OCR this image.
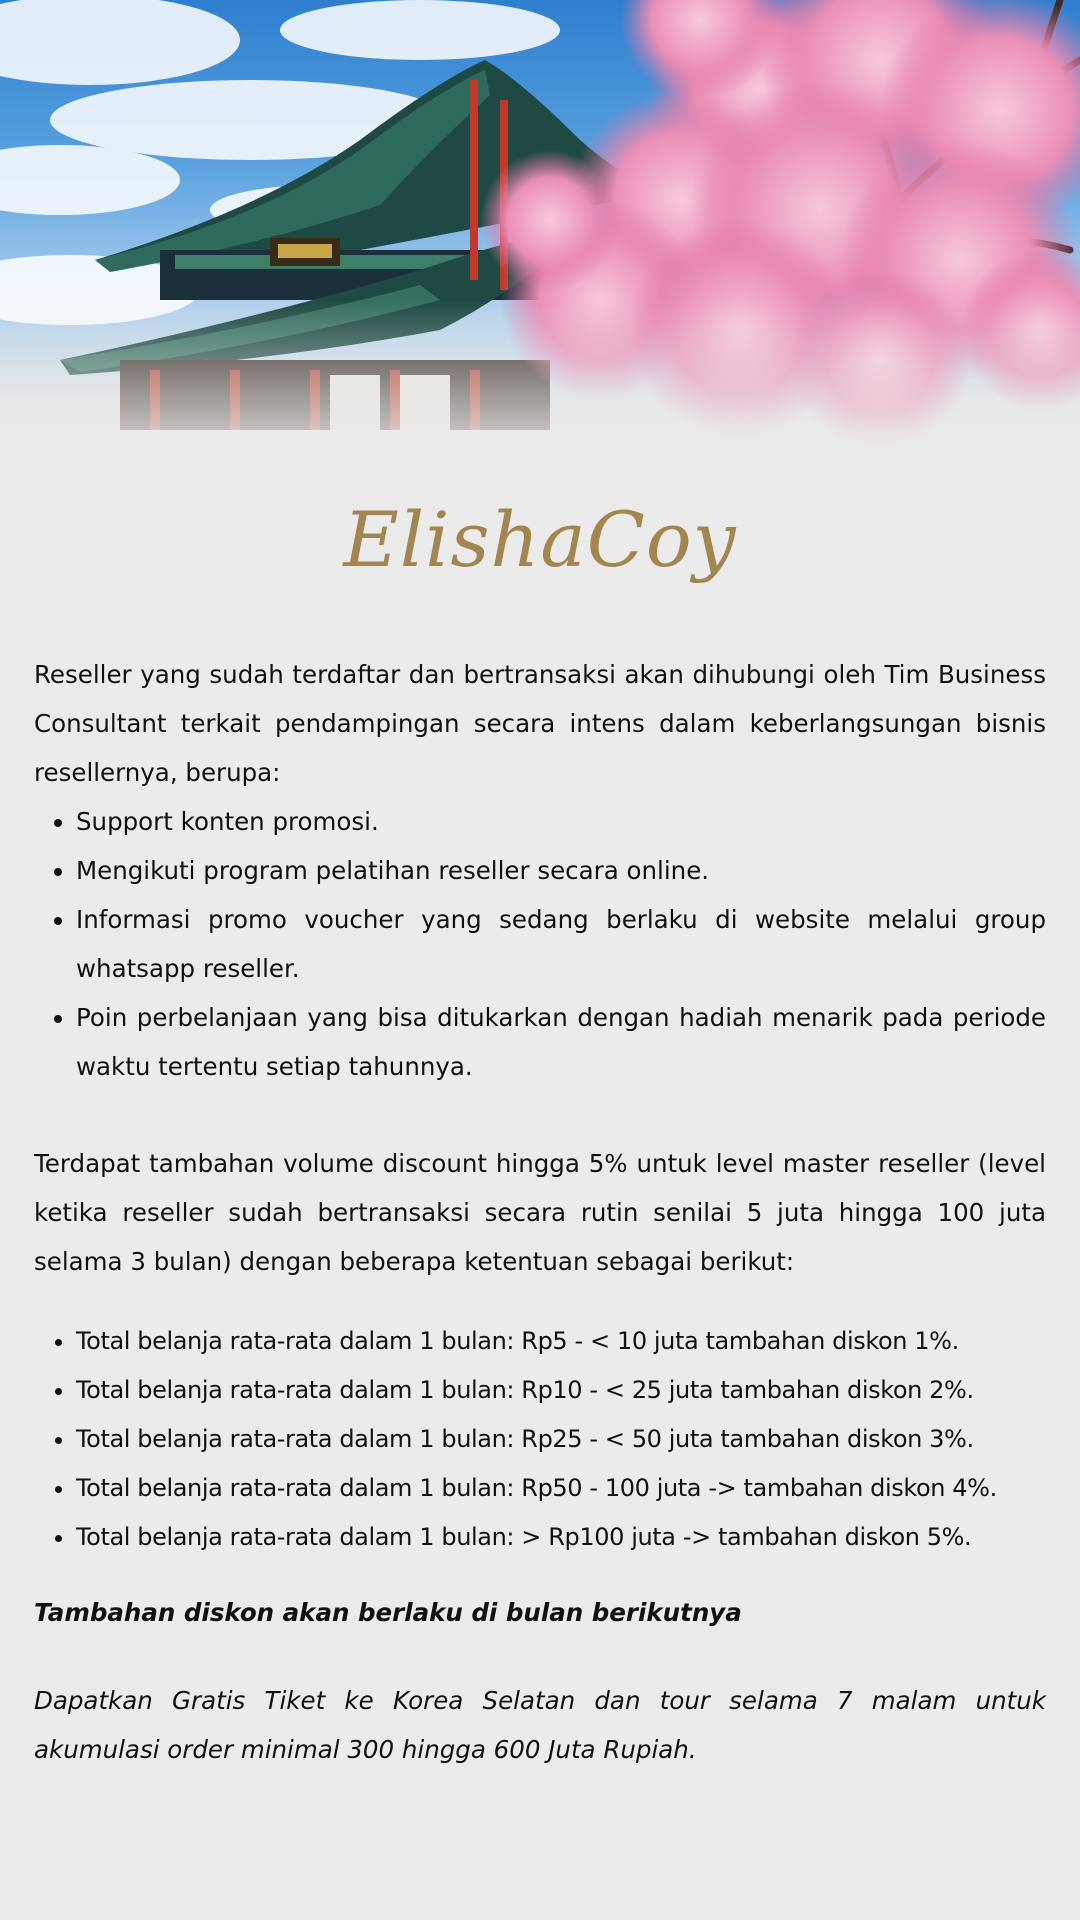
ElishaCoy

Reseller yang sudah terdaftar dan bertransaksi akan dihubungi oleh Tim Business Consultant terkait pendampingan secara intens dalam keberlangsungan bisnis resellernya, berupa:

• Support konten promosi.
• Mengikuti program pelatihan reseller secara online.
• Informasi promo voucher yang sedang berlaku di website melalui group whatsapp reseller.
• Poin perbelanjaan yang bisa ditukarkan dengan hadiah menarik pada periode waktu tertentu setiap tahunnya.

Terdapat tambahan volume discount hingga 5% untuk level master reseller (level ketika reseller sudah bertransaksi secara rutin senilai 5 juta hingga 100 juta selama 3 bulan) dengan beberapa ketentuan sebagai berikut:

• Total belanja rata-rata dalam 1 bulan: Rp5 - < 10 juta tambahan diskon 1%.
• Total belanja rata-rata dalam 1 bulan: Rp10 - < 25 juta tambahan diskon 2%.
• Total belanja rata-rata dalam 1 bulan: Rp25 - < 50 juta tambahan diskon 3%.
• Total belanja rata-rata dalam 1 bulan: Rp50 - 100 juta -> tambahan diskon 4%.
• Total belanja rata-rata dalam 1 bulan: > Rp100 juta -> tambahan diskon 5%.

Tambahan diskon akan berlaku di bulan berikutnya

Dapatkan Gratis Tiket ke Korea Selatan dan tour selama 7 malam untuk akumulasi order minimal 300 hingga 600 Juta Rupiah.
